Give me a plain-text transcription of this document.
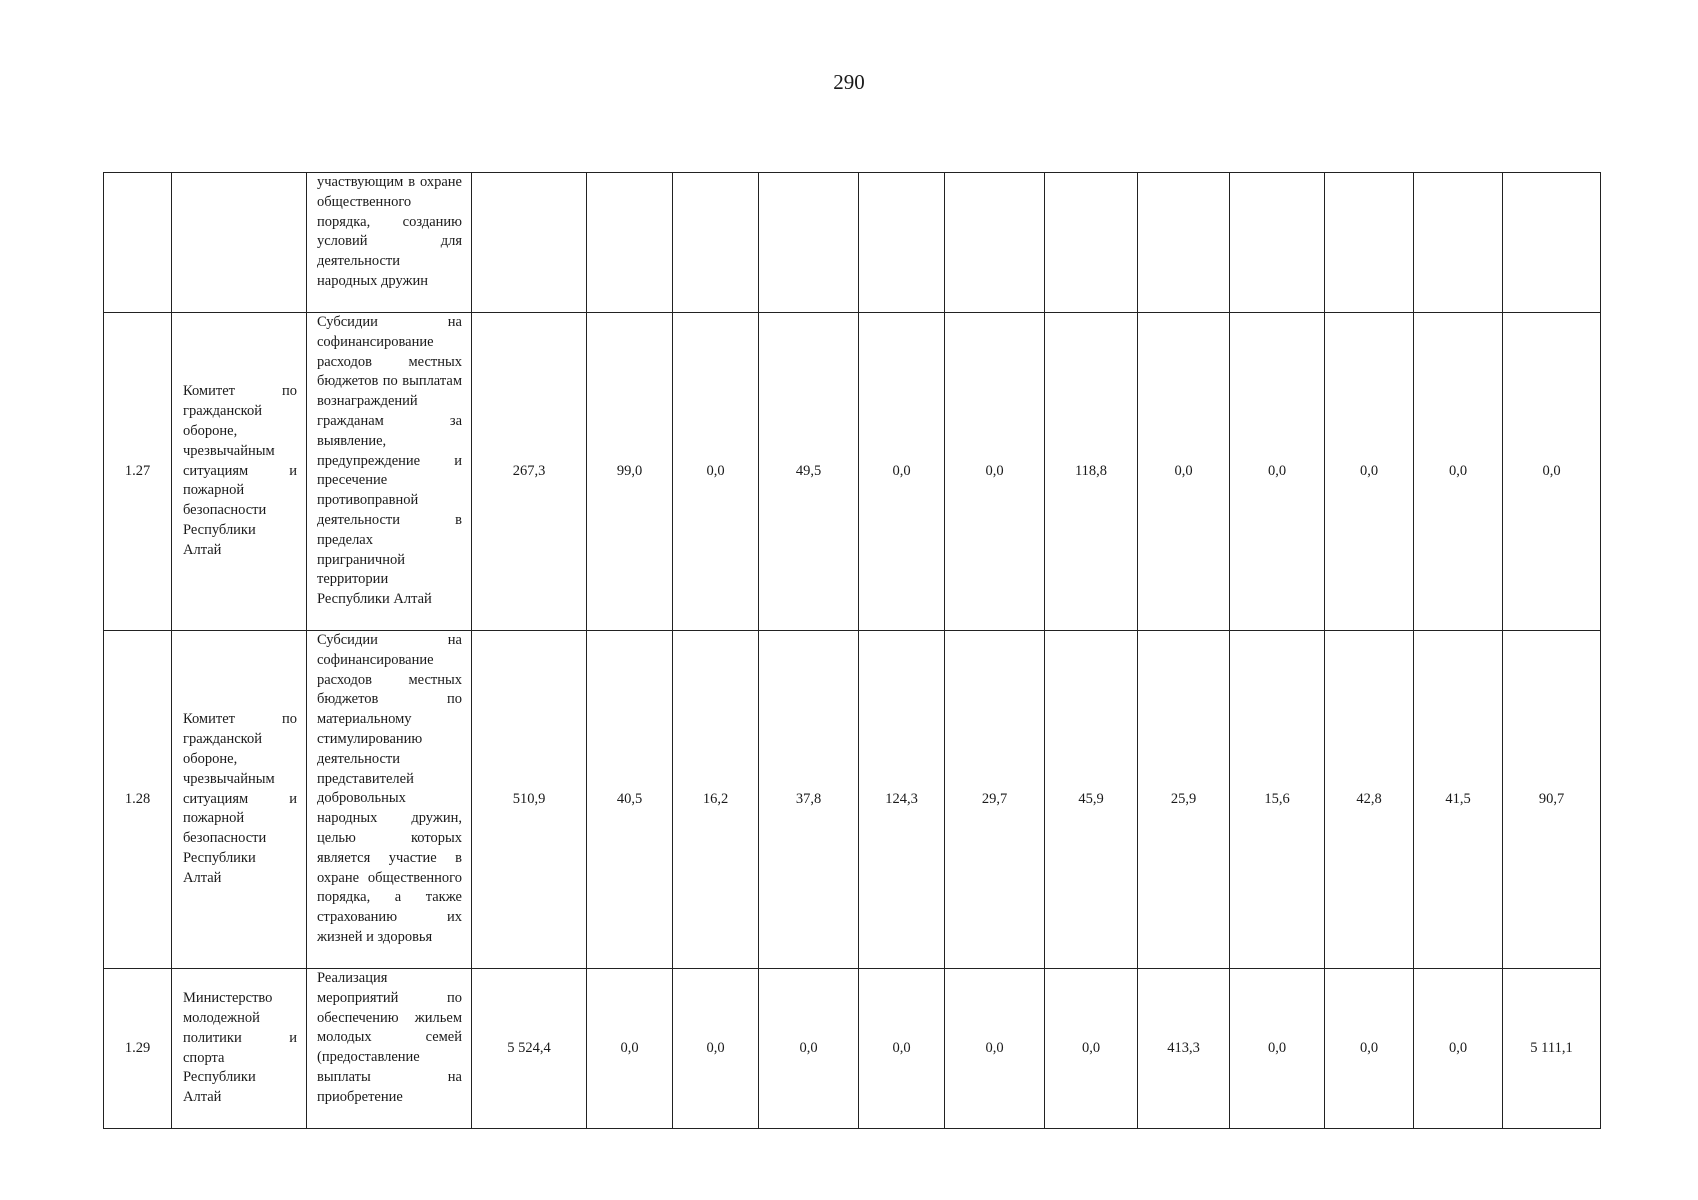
290
		участвующим в охране общественного порядка, созданию условий для деятельности народных дружин												
1.27	Комитет по гражданской обороне, чрезвычайным ситуациям и пожарной безопасности Республики Алтай	Субсидии на софинансирование расходов местных бюджетов по выплатам вознаграждений гражданам за выявление, предупреждение и пресечение противоправной деятельности в пределах приграничной территории Республики Алтай	267,3	99,0	0,0	49,5	0,0	0,0	118,8	0,0	0,0	0,0	0,0	0,0
1.28	Комитет по гражданской обороне, чрезвычайным ситуациям и пожарной безопасности Республики Алтай	Субсидии на софинансирование расходов местных бюджетов по материальному стимулированию деятельности представителей добровольных народных дружин, целью которых является участие в охране общественного порядка, а также страхованию их жизней и здоровья	510,9	40,5	16,2	37,8	124,3	29,7	45,9	25,9	15,6	42,8	41,5	90,7
1.29	Министерство молодежной политики и спорта Республики Алтай	Реализация мероприятий по обеспечению жильем молодых семей (предоставление выплаты на приобретение	5 524,4	0,0	0,0	0,0	0,0	0,0	0,0	413,3	0,0	0,0	0,0	5 111,1
